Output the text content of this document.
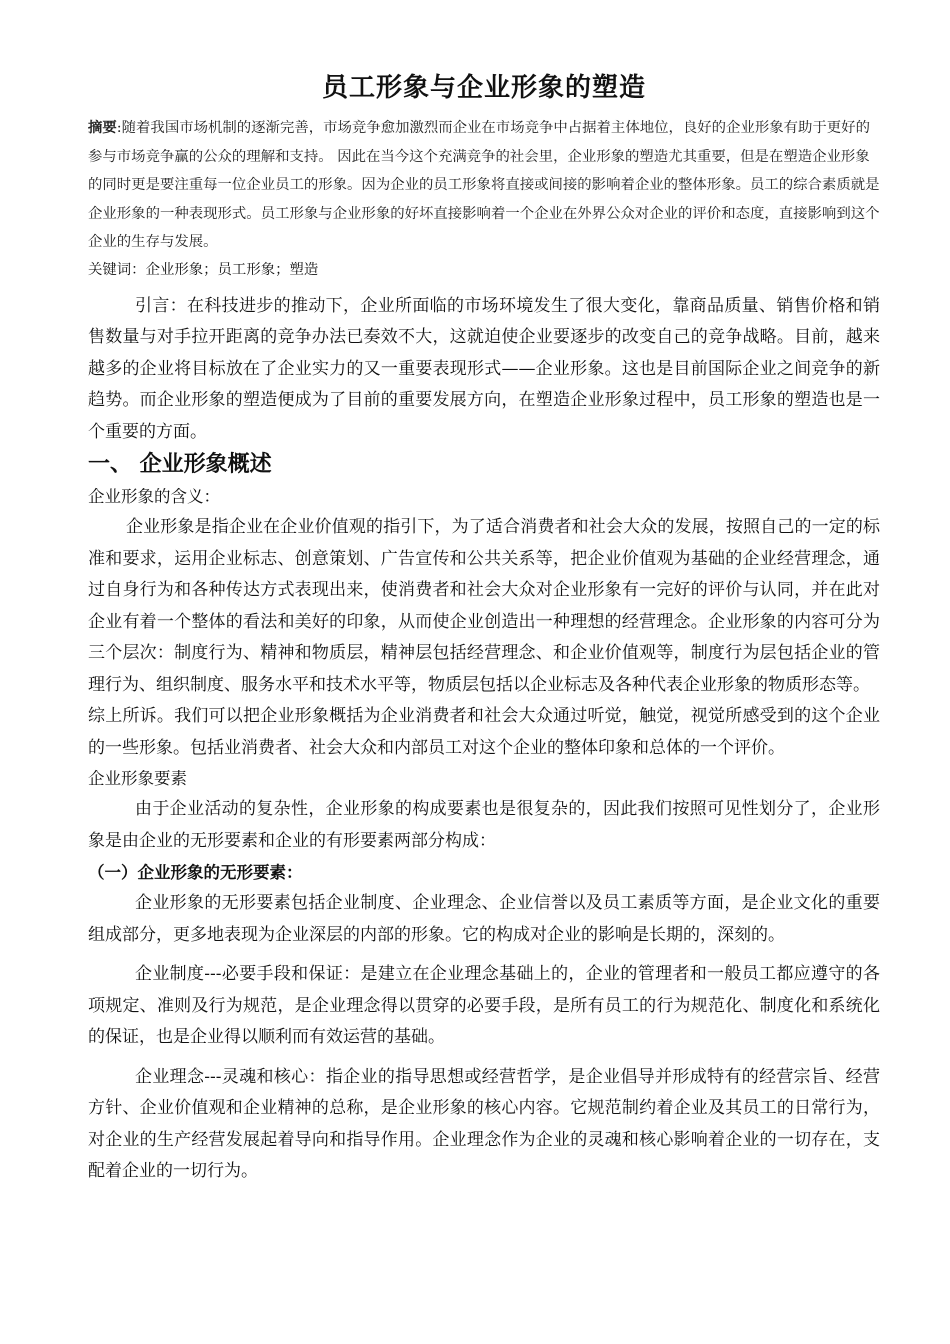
员工形象与企业形象的塑造
摘要:随着我国市场机制的逐渐完善，市场竞争愈加激烈而企业在市场竞争中占据着主体地位，良好的企业形象有助于更好的参与市场竞争赢的公众的理解和支持。 因此在当今这个充满竞争的社会里，企业形象的塑造尤其重要，但是在塑造企业形象的同时更是要注重每一位企业员工的形象。因为企业的员工形象将直接或间接的影响着企业的整体形象。员工的综合素质就是企业形象的一种表现形式。员工形象与企业形象的好坏直接影响着一个企业在外界公众对企业的评价和态度，直接影响到这个企业的生存与发展。
关键词：企业形象；员工形象；塑造

引言：在科技进步的推动下，企业所面临的市场环境发生了很大变化，靠商品质量、销售价格和销售数量与对手拉开距离的竞争办法已奏效不大，这就迫使企业要逐步的改变自己的竞争战略。目前，越来越多的企业将目标放在了企业实力的又一重要表现形式——企业形象。这也是目前国际企业之间竞争的新趋势。而企业形象的塑造便成为了目前的重要发展方向，在塑造企业形象过程中，员工形象的塑造也是一个重要的方面。

一、 企业形象概述

企业形象的含义：

企业形象是指企业在企业价值观的指引下，为了适合消费者和社会大众的发展，按照自己的一定的标准和要求，运用企业标志、创意策划、广告宣传和公共关系等，把企业价值观为基础的企业经营理念，通过自身行为和各种传达方式表现出来，使消费者和社会大众对企业形象有一完好的评价与认同，并在此对企业有着一个整体的看法和美好的印象，从而使企业创造出一种理想的经营理念。企业形象的内容可分为三个层次：制度行为、精神和物质层，精神层包括经营理念、和企业价值观等，制度行为层包括企业的管理行为、组织制度、服务水平和技术水平等，物质层包括以企业标志及各种代表企业形象的物质形态等。

综上所诉。我们可以把企业形象概括为企业消费者和社会大众通过听觉，触觉，视觉所感受到的这个企业的一些形象。包括业消费者、社会大众和内部员工对这个企业的整体印象和总体的一个评价。

企业形象要素

由于企业活动的复杂性，企业形象的构成要素也是很复杂的，因此我们按照可见性划分了，企业形象是由企业的无形要素和企业的有形要素两部分构成：

（一）企业形象的无形要素：

企业形象的无形要素包括企业制度、企业理念、企业信誉以及员工素质等方面，是企业文化的重要组成部分，更多地表现为企业深层的内部的形象。它的构成对企业的影响是长期的，深刻的。

企业制度---必要手段和保证：是建立在企业理念基础上的，企业的管理者和一般员工都应遵守的各项规定、准则及行为规范，是企业理念得以贯穿的必要手段，是所有员工的行为规范化、制度化和系统化的保证，也是企业得以顺利而有效运营的基础。

企业理念---灵魂和核心：指企业的指导思想或经营哲学，是企业倡导并形成特有的经营宗旨、经营方针、企业价值观和企业精神的总称，是企业形象的核心内容。它规范制约着企业及其员工的日常行为，对企业的生产经营发展起着导向和指导作用。企业理念作为企业的灵魂和核心影响着企业的一切存在，支配着企业的一切行为。
